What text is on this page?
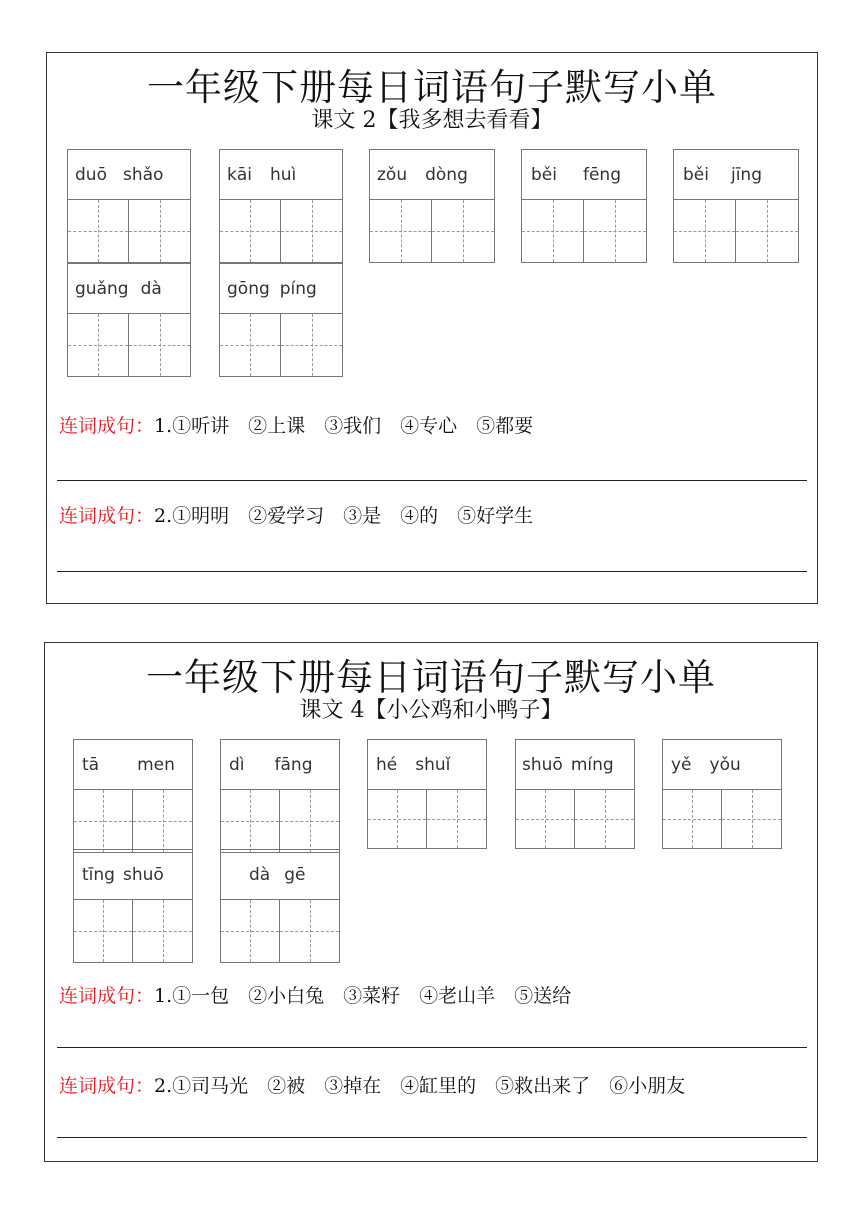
一年级下册每日词语句子默写小单
课文 2【我多想去看看】
duō shǎo	kāi huì	zǒu dòng	běi fēng	běi jīng
guǎng dà	gōng píng
连词成句：1.①听讲　②上课　③我们　④专心　⑤都要
连词成句：2.①明明　②爱学习　③是　④的　⑤好学生
一年级下册每日词语句子默写小单
课文 4【小公鸡和小鸭子】
tā men	dì fāng	hé shuǐ	shuō míng	yě yǒu
tīng shuō	dà gē
连词成句：1.①一包　②小白兔　③菜籽　④老山羊　⑤送给
连词成句：2.①司马光　②被　③掉在　④缸里的　⑤救出来了　⑥小朋友
